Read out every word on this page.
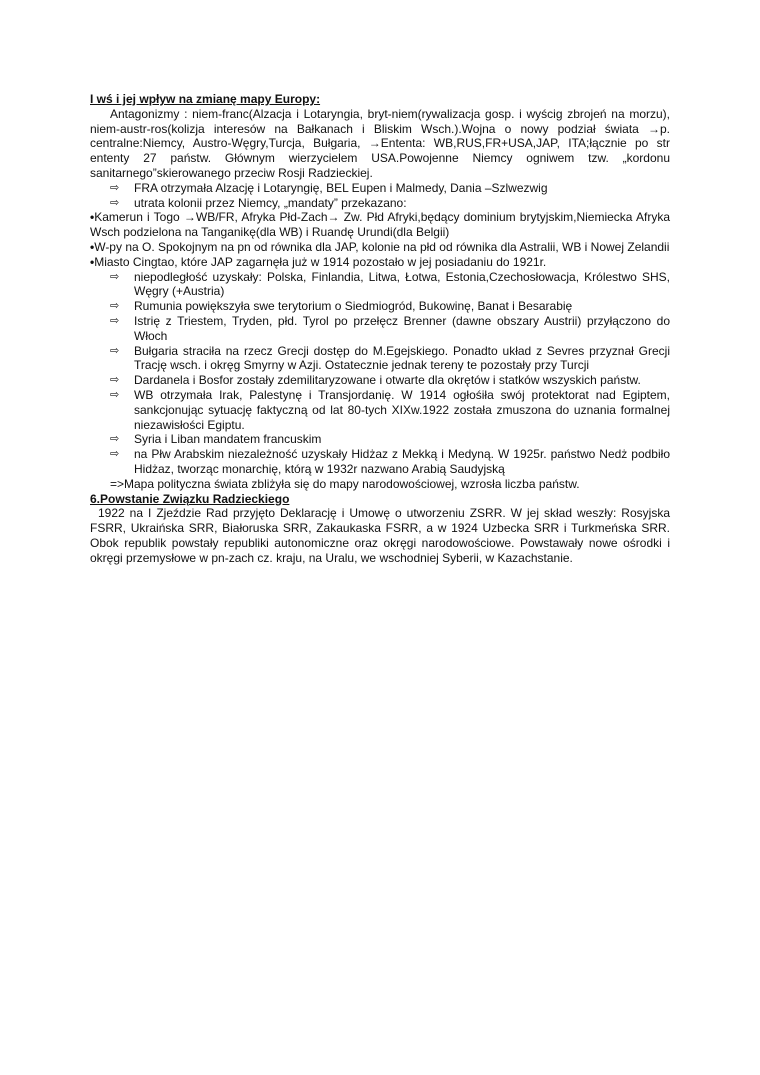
I wś i jej wpływ na zmianę mapy Europy:

Antagonizmy : niem-franc(Alzacja i Lotaryngia, bryt-niem(rywalizacja gosp. i wyścig zbrojeń na morzu), niem-austr-ros(kolizja interesów na Bałkanach i Bliskim Wsch.).Wojna o nowy podział świata →p. centralne:Niemcy, Austro-Węgry,Turcja, Bułgaria, →Ententa: WB,RUS,FR+USA,JAP, ITA;łącznie po str ententy 27 państw. Głównym wierzycielem USA.Powojenne Niemcy ogniwem tzw. „kordonu sanitarnego”skierowanego przeciw Rosji Radzieckiej.

⇨	FRA otrzymała Alzację i Lotaryngię, BEL Eupen i Malmedy, Dania –Szlwezwig
⇨	utrata kolonii przez Niemcy, „mandaty” przekazano:

•Kamerun i Togo →WB/FR, Afryka Płd-Zach→ Zw. Płd Afryki,będący dominium brytyjskim,Niemiecka Afryka Wsch podzielona na Tanganikę(dla WB) i Ruandę Urundi(dla Belgii)

•W-py na O. Spokojnym na pn od równika dla JAP, kolonie na płd od równika dla Astralii, WB i Nowej Zelandii

•Miasto Cingtao, które JAP zagarnęła już w 1914 pozostało w jej posiadaniu do 1921r.

⇨	niepodległość uzyskały: Polska, Finlandia, Litwa, Łotwa, Estonia,Czechosłowacja, Królestwo SHS, Węgry (+Austria)
⇨	Rumunia powiększyła swe terytorium o Siedmiogród, Bukowinę, Banat i Besarabię
⇨	Istrię z Triestem, Tryden, płd. Tyrol po przełęcz Brenner (dawne obszary Austrii) przyłączono do Włoch
⇨	Bułgaria straciła na rzecz Grecji dostęp do M.Egejskiego. Ponadto układ z Sevres przyznał Grecji Trację wsch. i okręg Smyrny w Azji. Ostatecznie jednak tereny te pozostały przy Turcji
⇨	Dardanela i Bosfor zostały zdemilitaryzowane i otwarte dla okrętów i statków wszyskich państw.
⇨	WB otrzymała Irak, Palestynę i Transjordanię. W 1914 ogłośiła swój protektorat nad Egiptem, sankcjonując sytuację faktyczną od lat 80-tych XIXw.1922 została zmuszona do uznania formalnej niezawisłości Egiptu.
⇨	Syria i Liban mandatem francuskim
⇨	na Płw Arabskim niezależność uzyskały Hidżaz z Mekką i Medyną. W 1925r. państwo Nedż podbiło Hidżaz, tworząc monarchię, którą w 1932r nazwano Arabią Saudyjską

=>Mapa polityczna świata zbliżyła się do mapy narodowościowej, wzrosła liczba państw.

6.Powstanie Związku Radzieckiego

1922 na I Zjeździe Rad przyjęto Deklarację i Umowę o utworzeniu ZSRR. W jej skład weszły: Rosyjska FSRR, Ukraińska SRR, Białoruska SRR, Zakaukaska FSRR, a w 1924 Uzbecka SRR i Turkmeńska SRR. Obok republik powstały republiki autonomiczne oraz okręgi narodowościowe. Powstawały nowe ośrodki i okręgi przemysłowe w pn-zach cz. kraju, na Uralu, we wschodniej Syberii, w Kazachstanie.
